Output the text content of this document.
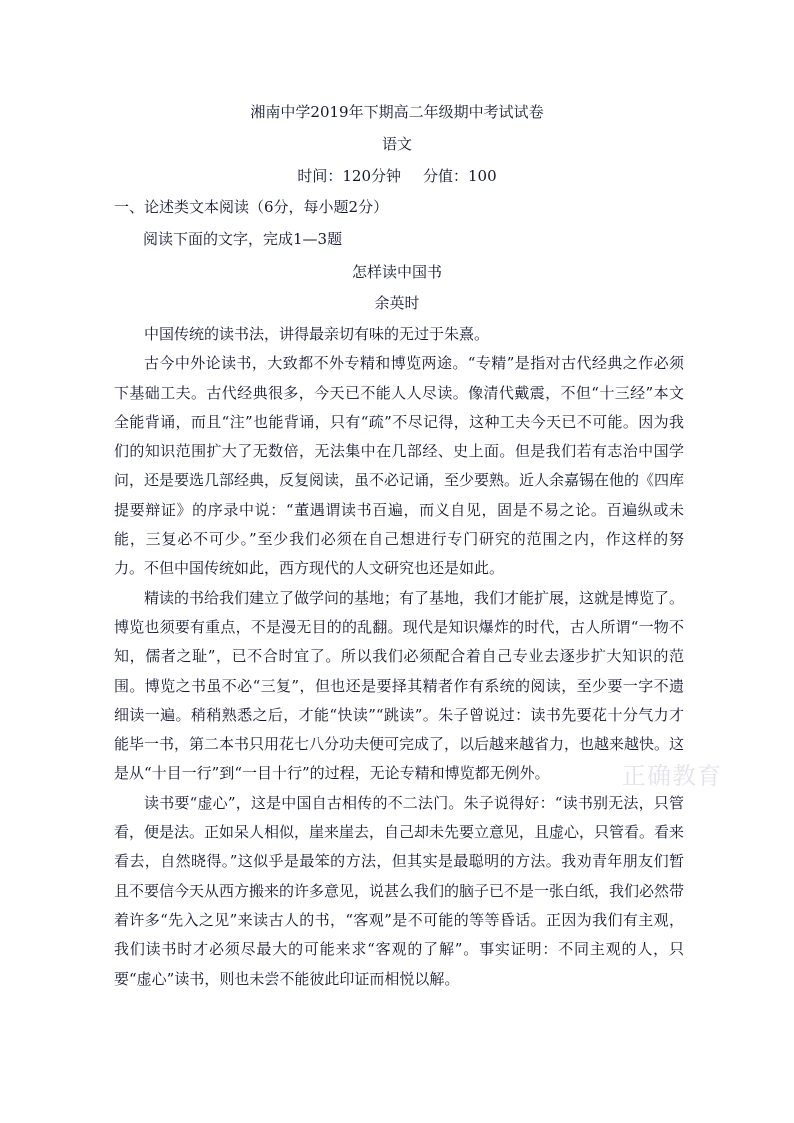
湘南中学2019年下期高二年级期中考试试卷
语文
时间：120分钟 分值：100
一、论述类文本阅读（6分，每小题2分）
阅读下面的文字，完成1—3题
怎样读中国书
余英时

中国传统的读书法，讲得最亲切有味的无过于朱熹。

古今中外论读书，大致都不外专精和博览两途。“专精”是指对古代经典之作必须下基础工夫。古代经典很多，今天已不能人人尽读。像清代戴震，不但“十三经”本文全能背诵，而且“注”也能背诵，只有“疏”不尽记得，这种工夫今天已不可能。因为我们的知识范围扩大了无数倍，无法集中在几部经、史上面。但是我们若有志治中国学问，还是要选几部经典，反复阅读，虽不必记诵，至少要熟。近人余嘉锡在他的《四库提要辩证》的序录中说：“董遇谓读书百遍，而义自见，固是不易之论。百遍纵或未能，三复必不可少。”至少我们必须在自己想进行专门研究的范围之内，作这样的努力。不但中国传统如此，西方现代的人文研究也还是如此。

精读的书给我们建立了做学问的基地；有了基地，我们才能扩展，这就是博览了。博览也须要有重点，不是漫无目的的乱翻。现代是知识爆炸的时代，古人所谓“一物不知，儒者之耻”，已不合时宜了。所以我们必须配合着自己专业去逐步扩大知识的范围。博览之书虽不必“三复”，但也还是要择其精者作有系统的阅读，至少要一字不遗细读一遍。稍稍熟悉之后，才能“快读”“跳读”。朱子曾说过：读书先要花十分气力才能毕一书，第二本书只用花七八分功夫便可完成了，以后越来越省力，也越来越快。这是从“十目一行”到“一目十行”的过程，无论专精和博览都无例外。

读书要“虚心”，这是中国自古相传的不二法门。朱子说得好：“读书别无法，只管看，便是法。正如呆人相似，崖来崖去，自己却未先要立意见，且虚心，只管看。看来看去，自然晓得。”这似乎是最笨的方法，但其实是最聪明的方法。我劝青年朋友们暂且不要信今天从西方搬来的许多意见，说甚么我们的脑子已不是一张白纸，我们必然带着许多“先入之见”来读古人的书，“客观”是不可能的等等昏话。正因为我们有主观，我们读书时才必须尽最大的可能来求“客观的了解”。事实证明：不同主观的人，只要“虚心”读书，则也未尝不能彼此印证而相悦以解。

正确教育
